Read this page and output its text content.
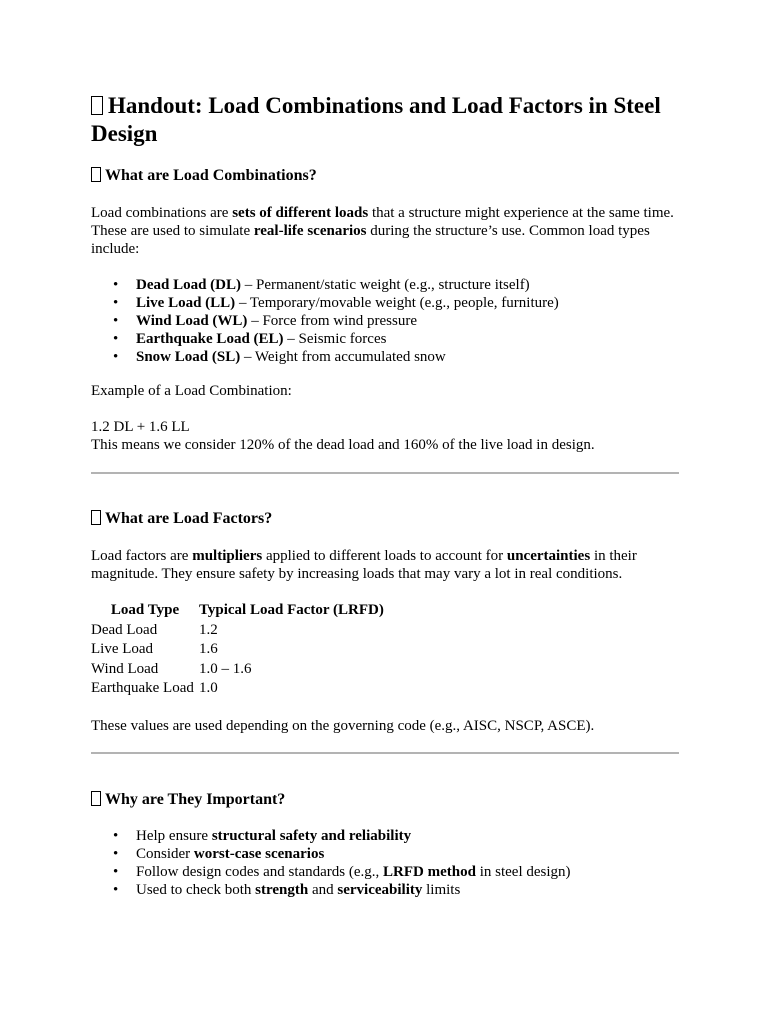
Handout: Load Combinations and Load Factors in Steel Design
What are Load Combinations?

Load combinations are sets of different loads that a structure might experience at the same time. These are used to simulate real-life scenarios during the structure’s use. Common load types include:

• Dead Load (DL) – Permanent/static weight (e.g., structure itself)
• Live Load (LL) – Temporary/movable weight (e.g., people, furniture)
• Wind Load (WL) – Force from wind pressure
• Earthquake Load (EL) – Seismic forces
• Snow Load (SL) – Weight from accumulated snow

Example of a Load Combination:

1.2 DL + 1.6 LL

This means we consider 120% of the dead load and 160% of the live load in design.

What are Load Factors?

Load factors are multipliers applied to different loads to account for uncertainties in their magnitude. They ensure safety by increasing loads that may vary a lot in real conditions.

Load Type	Typical Load Factor (LRFD)
Dead Load	1.2
Live Load	1.6
Wind Load	1.0 – 1.6
Earthquake Load	1.0

These values are used depending on the governing code (e.g., AISC, NSCP, ASCE).

Why are They Important?
• Help ensure structural safety and reliability
• Consider worst-case scenarios
• Follow design codes and standards (e.g., LRFD method in steel design)
• Used to check both strength and serviceability limits
